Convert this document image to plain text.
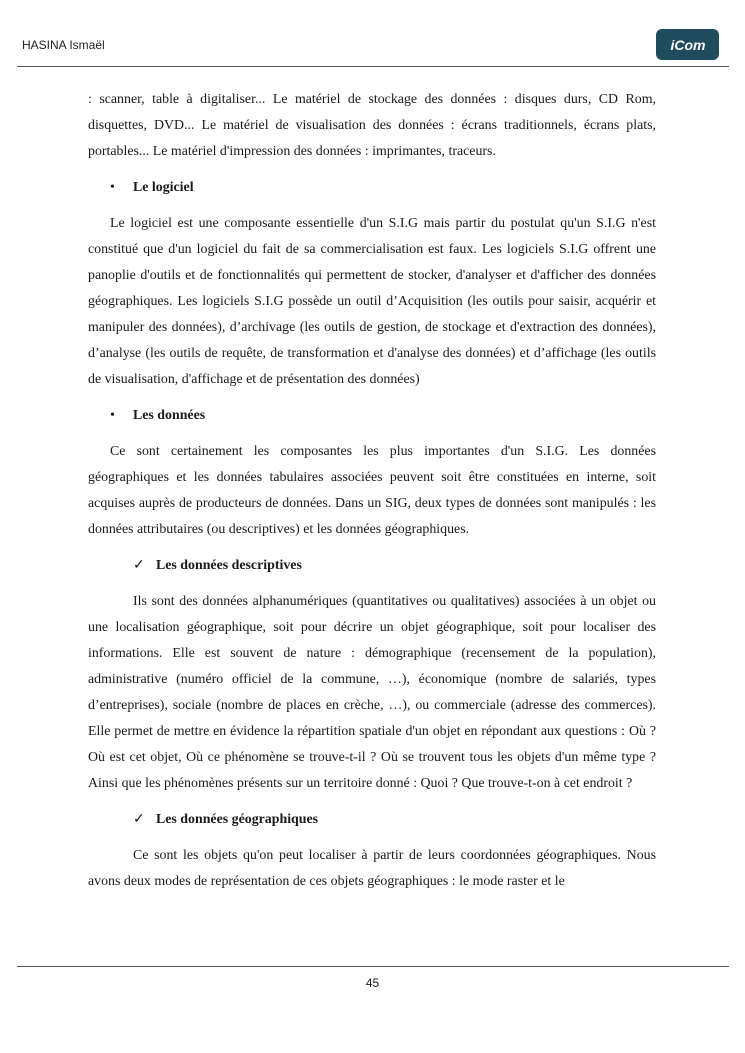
HASINA Ismaël	iCom

: scanner, table à digitaliser... Le matériel de stockage des données : disques durs, CD Rom, disquettes, DVD... Le matériel de visualisation des données : écrans traditionnels, écrans plats, portables... Le matériel d'impression des données : imprimantes, traceurs.

•	Le logiciel

Le logiciel est une composante essentielle d'un S.I.G mais partir du postulat qu'un S.I.G n'est constitué que d'un logiciel du fait de sa commercialisation est faux. Les logiciels S.I.G offrent une panoplie d'outils et de fonctionnalités qui permettent de stocker, d'analyser et d'afficher des données géographiques. Les logiciels S.I.G possède un outil d’Acquisition (les outils pour saisir, acquérir et manipuler des données), d’archivage (les outils de gestion, de stockage et d'extraction des données), d’analyse (les outils de requête, de transformation et d'analyse des données) et d’affichage (les outils de visualisation, d'affichage et de présentation des données)

•	Les données

Ce sont certainement les composantes les plus importantes d'un S.I.G. Les données géographiques et les données tabulaires associées peuvent soit être constituées en interne, soit acquises auprès de producteurs de données. Dans un SIG, deux types de données sont manipulés : les données attributaires (ou descriptives) et les données géographiques.

✓ Les données descriptives

Ils sont des données alphanumériques (quantitatives ou qualitatives) associées à un objet ou une localisation géographique, soit pour décrire un objet géographique, soit pour localiser des informations. Elle est souvent de nature : démographique (recensement de la population), administrative (numéro officiel de la commune, …), économique (nombre de salariés, types d’entreprises), sociale (nombre de places en crèche, …), ou commerciale (adresse des commerces). Elle permet de mettre en évidence la répartition spatiale d'un objet en répondant aux questions : Où ? Où est cet objet, Où ce phénomène se trouve-t-il ? Où se trouvent tous les objets d'un même type ? Ainsi que les phénomènes présents sur un territoire donné : Quoi ? Que trouve-t-on à cet endroit ?

✓ Les données géographiques

Ce sont les objets qu'on peut localiser à partir de leurs coordonnées géographiques. Nous avons deux modes de représentation de ces objets géographiques : le mode raster et le

45
